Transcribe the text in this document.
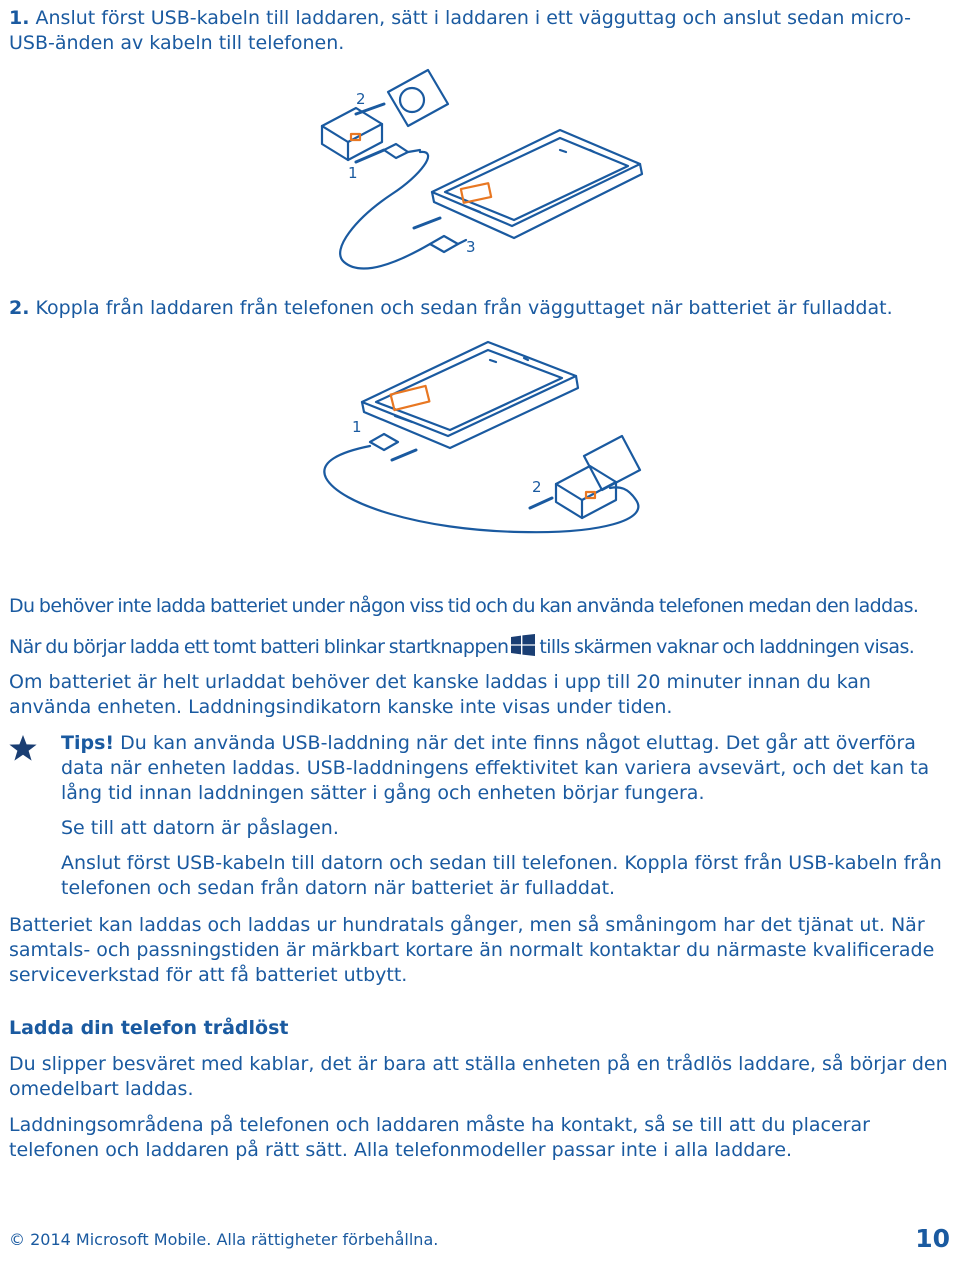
1. Anslut först USB-kabeln till laddaren, sätt i laddaren i ett vägguttag och anslut sedan micro-USB-änden av kabeln till telefonen.
2
1
3
2. Koppla från laddaren från telefonen och sedan från vägguttaget när batteriet är fulladdat.
1
2
Du behöver inte ladda batteriet under någon viss tid och du kan använda telefonen medan den laddas.
När du börjar ladda ett tomt batteri blinkar startknappen tills skärmen vaknar och laddningen visas.
Om batteriet är helt urladdat behöver det kanske laddas i upp till 20 minuter innan du kan använda enheten. Laddningsindikatorn kanske inte visas under tiden.
Tips! Du kan använda USB-laddning när det inte finns något eluttag. Det går att överföra data när enheten laddas. USB-laddningens effektivitet kan variera avsevärt, och det kan ta lång tid innan laddningen sätter i gång och enheten börjar fungera.
Se till att datorn är påslagen.
Anslut först USB-kabeln till datorn och sedan till telefonen. Koppla först från USB-kabeln från telefonen och sedan från datorn när batteriet är fulladdat.
Batteriet kan laddas och laddas ur hundratals gånger, men så småningom har det tjänat ut. När samtals- och passningstiden är märkbart kortare än normalt kontaktar du närmaste kvalificerade serviceverkstad för att få batteriet utbytt.
Ladda din telefon trådlöst
Du slipper besväret med kablar, det är bara att ställa enheten på en trådlös laddare, så börjar den omedelbart laddas.
Laddningsområdena på telefonen och laddaren måste ha kontakt, så se till att du placerar telefonen och laddaren på rätt sätt. Alla telefonmodeller passar inte i alla laddare.
© 2014 Microsoft Mobile. Alla rättigheter förbehållna.	10
